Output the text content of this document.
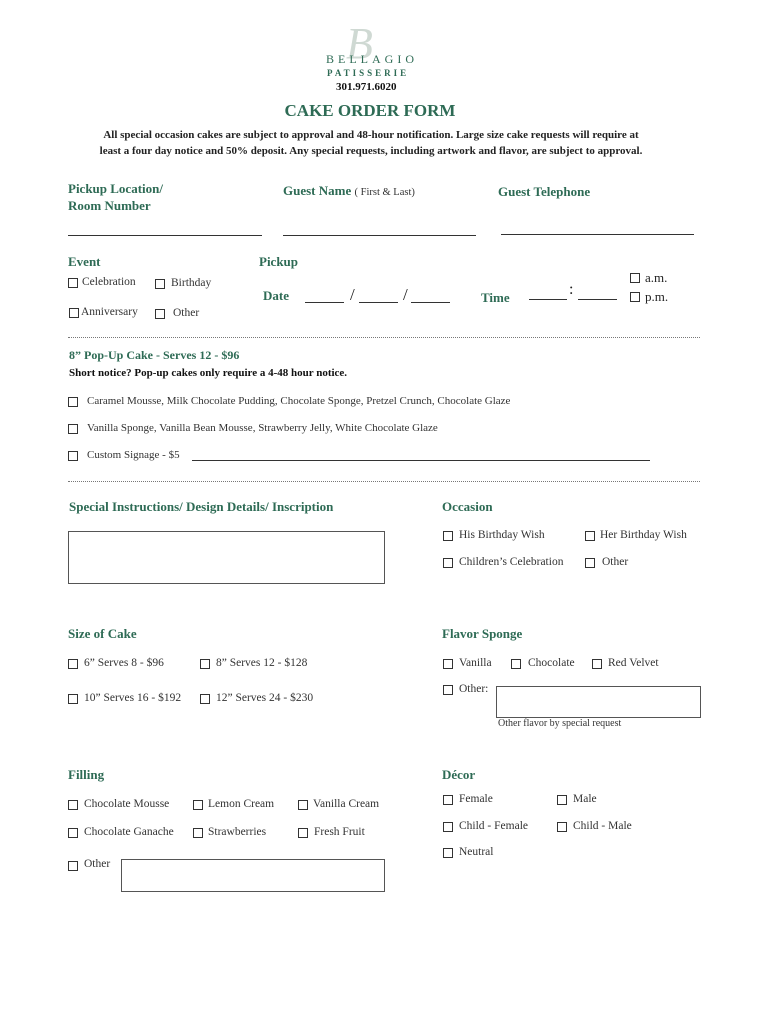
B
BELLAGIO
PATISSERIE
301.971.6020
CAKE ORDER FORM
All special occasion cakes are subject to approval and 48-hour notification. Large size cake requests will require at
least a four day notice and 50% deposit. Any special requests, including artwork and flavor, are subject to approval.
Pickup Location/
Room Number
Guest Name ( First & Last)	Guest Telephone
Event
Celebration	Birthday
Anniversary	Other
Pickup
Date	/	/	Time	:
a.m.
p.m.
8” Pop-Up Cake - Serves 12 - $96
Short notice? Pop-up cakes only require a 4-48 hour notice.
Caramel Mousse, Milk Chocolate Pudding, Chocolate Sponge, Pretzel Crunch, Chocolate Glaze
Vanilla Sponge, Vanilla Bean Mousse, Strawberry Jelly, White Chocolate Glaze
Custom Signage - $5
Special Instructions/ Design Details/ Inscription	Occasion
His Birthday Wish	Her Birthday Wish
Children’s Celebration	Other
Size of Cake
6” Serves 8 - $96	8” Serves 12 - $128
10” Serves 16 - $192	12” Serves 24 - $230
Flavor Sponge
Vanilla	Chocolate	Red Velvet
Other:
Other flavor by special request
Filling
Chocolate Mousse	Lemon Cream	Vanilla Cream
Chocolate Ganache	Strawberries	Fresh Fruit
Other
Décor
Female	Male
Child - Female	Child - Male
Neutral
